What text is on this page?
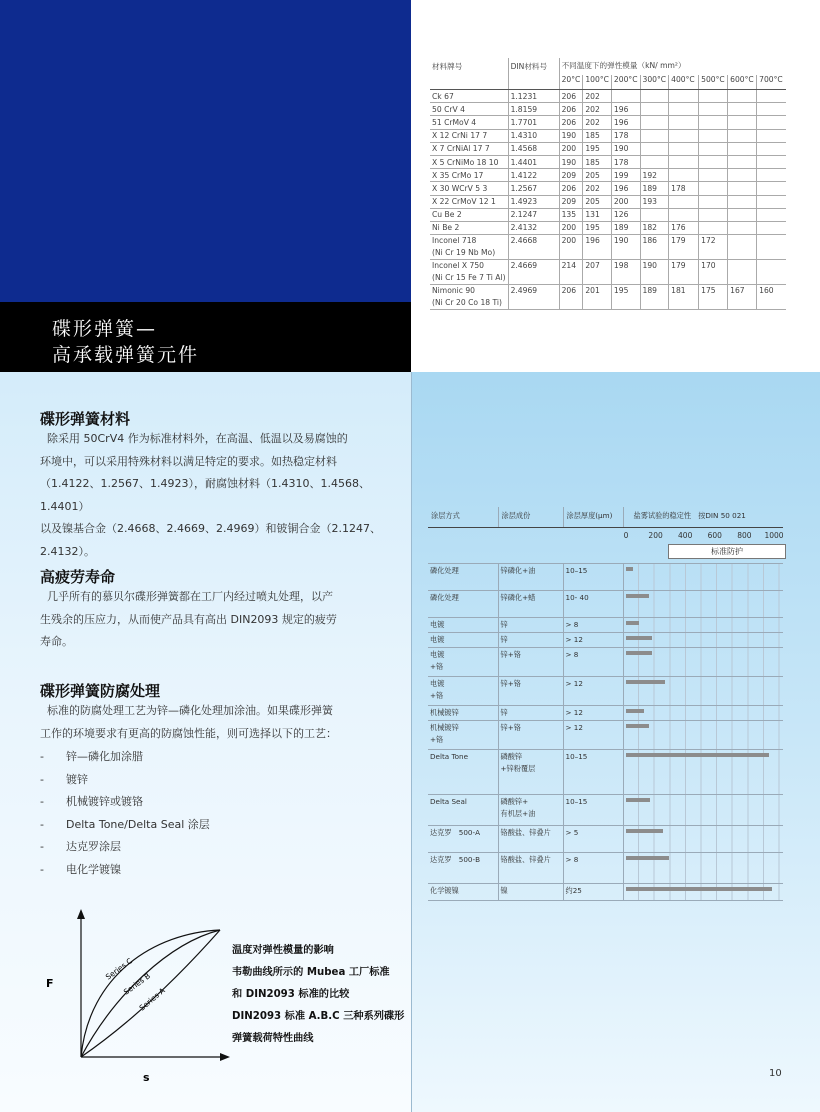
碟形弹簧—
高承载弹簧元件
材料牌号	DIN材料号	不同温度下的弹性模量（kN/ mm²）							
		20°C	100°C	200°C	300°C	400°C	500°C	600°C	700°C

Ck 67	1.1231	206	202						

50 CrV 4	1.8159	206	202	196					

51 CrMoV 4	1.7701	206	202	196					

X 12 CrNi 17 7	1.4310	190	185	178					

X 7 CrNiAl 17 7	1.4568	200	195	190					

X 5 CrNiMo 18 10	1.4401	190	185	178					

X 35 CrMo 17	1.4122	209	205	199	192				

X 30 WCrV 5 3	1.2567	206	202	196	189	178			

X 22 CrMoV 12 1	1.4923	209	205	200	193				

Cu Be 2	2.1247	135	131	126					

Ni Be 2	2.4132	200	195	189	182	176			

Inconel 718
(Ni Cr 19 Nb Mo)	2.4668	200	196	190	186	179	172		

Inconel X 750
(Ni Cr 15 Fe 7 Ti Al)	2.4669	214	207	198	190	179	170		

Nimonic 90
(Ni Cr 20 Co 18 Ti)	2.4969	206	201	195	189	181	175	167	160
碟形弹簧材料
除采用 50CrV4 作为标准材料外，在高温、低温以及易腐蚀的
环境中，可以采用特殊材料以满足特定的要求。如热稳定材料
（1.4122、1.2567、1.4923），耐腐蚀材料（1.4310、1.4568、1.4401）
以及镍基合金（2.4668、2.4669、2.4969）和铍铜合金（2.1247、
2.4132）。
高疲劳寿命
几乎所有的慕贝尔碟形弹簧都在工厂内经过喷丸处理，以产
生残余的压应力，从而使产品具有高出 DIN2093 规定的疲劳
寿命。
碟形弹簧防腐处理
标准的防腐处理工艺为锌—磷化处理加涂油。如果碟形弹簧
工作的环境要求有更高的防腐蚀性能，则可选择以下的工艺：
- 锌—磷化加涂腊
- 镀锌
- 机械镀锌或镀铬
- Delta Tone/Delta Seal 涂层
- 达克罗涂层
- 电化学镀镍
F
s
Series C
Series B
Series A
温度对弹性模量的影响
韦勒曲线所示的 Mubea 工厂标准
和 DIN2093 标准的比较
DIN2093 标准 A.B.C 三种系列碟形
弹簧载荷特性曲线
涂层方式	涂层成份	涂层厚度(μm)	盐雾试验的稳定性　按DIN 50 021

磷化处理	锌磷化+油	10–15	

磷化处理	锌磷化+蜡	10- 40	

电镀	锌	> 8	

电镀	锌	> 12	

电镀
+铬	锌+铬	> 8	

电镀
+铬	锌+铬	> 12	

机械镀锌	锌	> 12	

机械镀锌
+铬	锌+铬	> 12	

Delta Tone	磷酸锌
+锌粉覆层	10–15	

Delta Seal	磷酸锌+
有机层+油	10–15	

达克罗　500-A	铬酸盐、锌叠片	> 5	

达克罗　500-B	铬酸盐、锌叠片	> 8	

化学镀镍	镍	约25	

0	200 400 600 800 1000
标准防护
10
